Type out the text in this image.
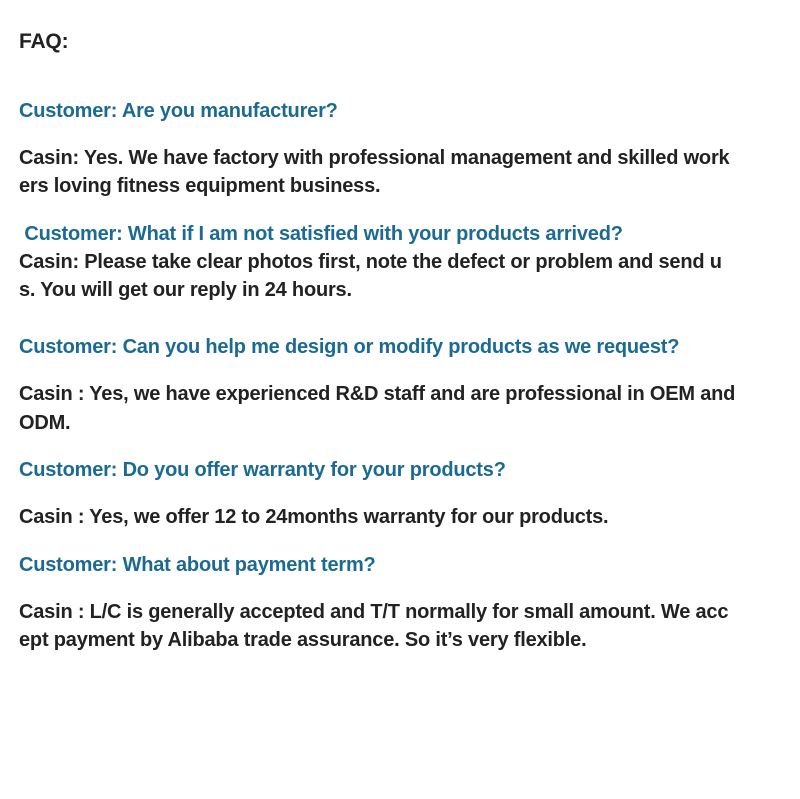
FAQ:
Customer: Are you manufacturer?
Casin: Yes. We have factory with professional management and skilled work
ers loving fitness equipment business.
Customer: What if I am not satisfied with your products arrived?
Casin: Please take clear photos first, note the defect or problem and send u
s. You will get our reply in 24 hours.
Customer: Can you help me design or modify products as we request?
Casin : Yes, we have experienced R&D staff and are professional in OEM and
ODM.
Customer: Do you offer warranty for your products?
Casin : Yes, we offer 12 to 24months warranty for our products.
Customer: What about payment term?
Casin : L/C is generally accepted and T/T normally for small amount. We acc
ept payment by Alibaba trade assurance. So it’s very flexible.
